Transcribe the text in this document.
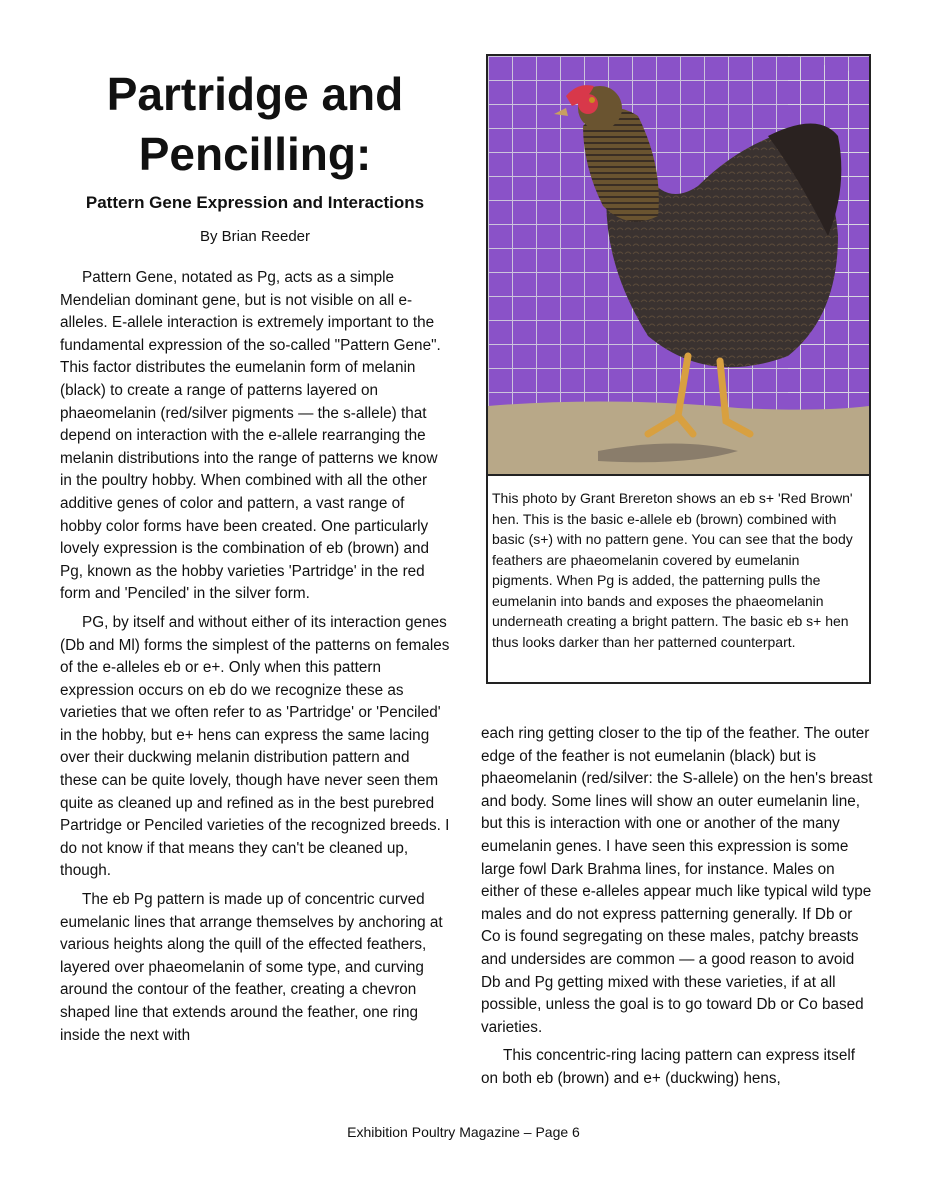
Partridge and
Pencilling:

Pattern Gene Expression and Interactions

By Brian Reeder

Pattern Gene, notated as Pg, acts as a simple Mendelian dominant gene, but is not visible on all e-alleles. E-allele interaction is extremely important to the fundamental expression of the so-called "Pattern Gene". This factor distributes the eumelanin form of melanin (black) to create a range of patterns layered on phaeomelanin (red/silver pigments — the s-allele) that depend on interaction with the e-allele rearranging the melanin distributions into the range of patterns we know in the poultry hobby. When combined with all the other additive genes of color and pattern, a vast range of hobby color forms have been created. One particularly lovely expression is the combination of eb (brown) and Pg, known as the hobby varieties 'Partridge' in the red form and 'Penciled' in the silver form.

PG, by itself and without either of its interaction genes (Db and Ml) forms the simplest of the patterns on females of the e-alleles eb or e+. Only when this pattern expression occurs on eb do we recognize these as varieties that we often refer to as 'Partridge' or 'Penciled' in the hobby, but e+ hens can express the same lacing over their duckwing melanin distribution pattern and these can be quite lovely, though have never seen them quite as cleaned up and refined as in the best purebred Partridge or Penciled varieties of the recognized breeds. I do not know if that means they can't be cleaned up, though.

The eb Pg pattern is made up of concentric curved eumelanic lines that arrange themselves by anchoring at various heights along the quill of the effected feathers, layered over phaeomelanin of some type, and curving around the contour of the feather, creating a chevron shaped line that extends around the feather, one ring inside the next with

This photo by Grant Brereton shows an eb s+ 'Red Brown' hen. This is the basic e-allele eb (brown) combined with basic (s+) with no pattern gene. You can see that the body feathers are phaeomelanin covered by eumelanin pigments. When Pg is added, the patterning pulls the eumelanin into bands and exposes the phaeomelanin underneath creating a bright pattern. The basic eb s+ hen thus looks darker than her patterned counterpart.

each ring getting closer to the tip of the feather. The outer edge of the feather is not eumelanin (black) but is phaeomelanin (red/silver: the S-allele) on the hen's breast and body. Some lines will show an outer eumelanin line, but this is interaction with one or another of the many eumelanin genes. I have seen this expression is some large fowl Dark Brahma lines, for instance. Males on either of these e-alleles appear much like typical wild type males and do not express patterning generally. If Db or Co is found segregating on these males, patchy breasts and undersides are common — a good reason to avoid Db and Pg getting mixed with these varieties, if at all possible, unless the goal is to go toward Db or Co based varieties.

This concentric-ring lacing pattern can express itself on both eb (brown) and e+ (duckwing) hens,

Exhibition Poultry Magazine – Page 6
